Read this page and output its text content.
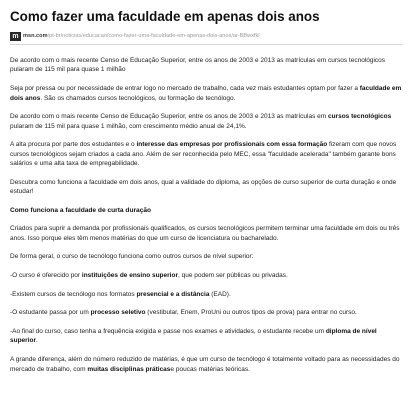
Como fazer uma faculdade em apenas dois anos
m msn.com /pt-br/noticias/educacao/como-fazer-uma-faculdade-em-apenas-dois-anos/ar-BBwxfkl

De acordo com o mais recente Censo de Educação Superior, entre os anos de 2003 e 2013 as matrículas em cursos tecnológicos pularam de 115 mil para quase 1 milhão

Seja por pressa ou por necessidade de entrar logo no mercado de trabalho, cada vez mais estudantes optam por fazer a faculdade em dois anos. São os chamados cursos tecnológicos, ou formação de tecnólogo.

De acordo com o mais recente Censo de Educação Superior, entre os anos de 2003 e 2013 as matrículas em cursos tecnológicos pularam de 115 mil para quase 1 milhão, com crescimento médio anual de 24,1%.

A alta procura por parte dos estudantes e o interesse das empresas por profissionais com essa formação fizeram com que novos cursos tecnológicos sejam criados a cada ano. Além de ser reconhecida pelo MEC, essa "faculdade acelerada" também garante bons salários e uma alta taxa de empregabilidade.

Descubra como funciona a faculdade em dois anos, qual a validade do diploma, as opções de curso superior de curta duração e onde estudar!

Como funciona a faculdade de curta duração

Criados para suprir a demanda por profissionais qualificados, os cursos tecnológicos permitem terminar uma faculdade em dois ou três anos. Isso porque eles têm menos matérias do que um curso de licenciatura ou bacharelado.

De forma geral, o curso de tecnólogo funciona como outros cursos de nível superior:

-O curso é oferecido por instituições de ensino superior, que podem ser públicas ou privadas.

-Existem cursos de tecnólogo nos formatos presencial e a distância (EAD).

-O estudante passa por um processo seletivo (vestibular, Enem, ProUni ou outros tipos de prova) para entrar no curso.

-Ao final do curso, caso tenha a frequência exigida e passe nos exames e atividades, o estudante recebe um diploma de nível superior.

A grande diferença, além do número reduzido de matérias, é que um curso de tecnólogo é totalmente voltado para as necessidades do mercado de trabalho, com muitas disciplinas práticase poucas matérias teóricas.
